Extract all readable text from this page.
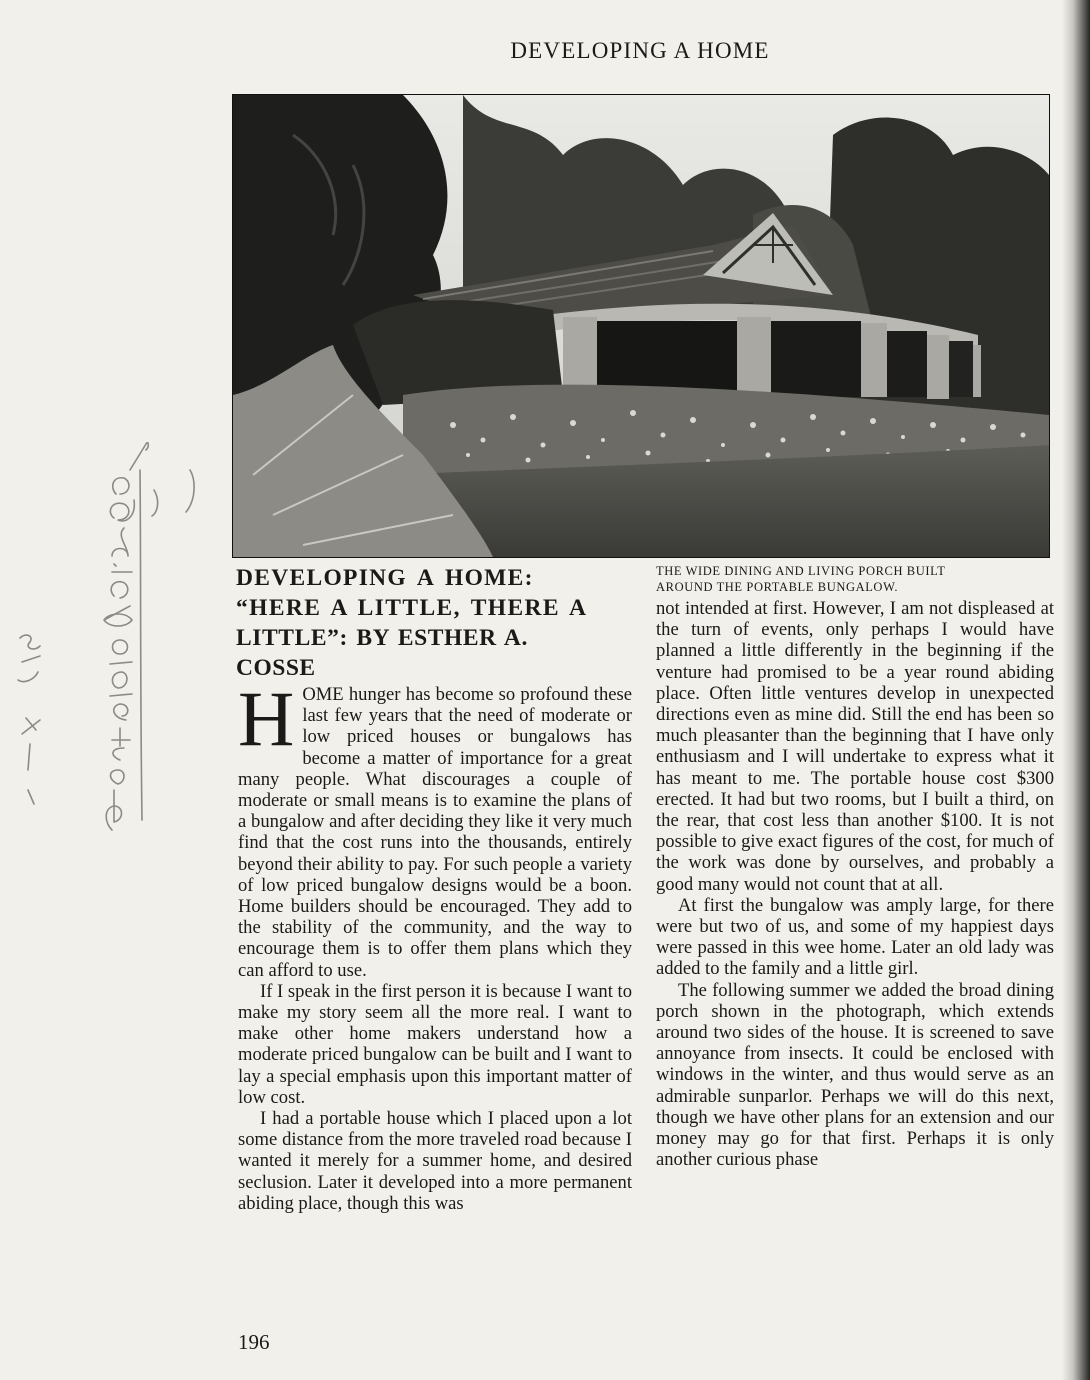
DEVELOPING A HOME
DEVELOPING A HOME:
“HERE A LITTLE, THERE A
LITTLE”: BY ESTHER A.
COSSE
THE WIDE DINING AND LIVING PORCH BUILT
AROUND THE PORTABLE BUNGALOW.

HOME hunger has become so profound these last few years that the need of moderate or low priced houses or bungalows has become a matter of importance for a great many people. What discourages a couple of moderate or small means is to examine the plans of a bungalow and after deciding they like it very much find that the cost runs into the thousands, entirely beyond their ability to pay. For such people a variety of low priced bungalow designs would be a boon. Home builders should be encouraged. They add to the stability of the community, and the way to encourage them is to offer them plans which they can afford to use.

If I speak in the first person it is because I want to make my story seem all the more real. I want to make other home makers understand how a moderate priced bungalow can be built and I want to lay a special emphasis upon this important matter of low cost.

I had a portable house which I placed upon a lot some distance from the more traveled road because I wanted it merely for a summer home, and desired seclusion. Later it developed into a more permanent abiding place, though this was

not intended at first. However, I am not displeased at the turn of events, only perhaps I would have planned a little differently in the beginning if the venture had promised to be a year round abiding place. Often little ventures develop in unexpected directions even as mine did. Still the end has been so much pleasanter than the beginning that I have only enthusiasm and I will undertake to express what it has meant to me. The portable house cost $300 erected. It had but two rooms, but I built a third, on the rear, that cost less than another $100. It is not possible to give exact figures of the cost, for much of the work was done by ourselves, and probably a good many would not count that at all.

At first the bungalow was amply large, for there were but two of us, and some of my happiest days were passed in this wee home. Later an old lady was added to the family and a little girl.

The following summer we added the broad dining porch shown in the photograph, which extends around two sides of the house. It is screened to save annoyance from insects. It could be enclosed with windows in the winter, and thus would serve as an admirable sunparlor. Perhaps we will do this next, though we have other plans for an extension and our money may go for that first. Perhaps it is only another curious phase

196
